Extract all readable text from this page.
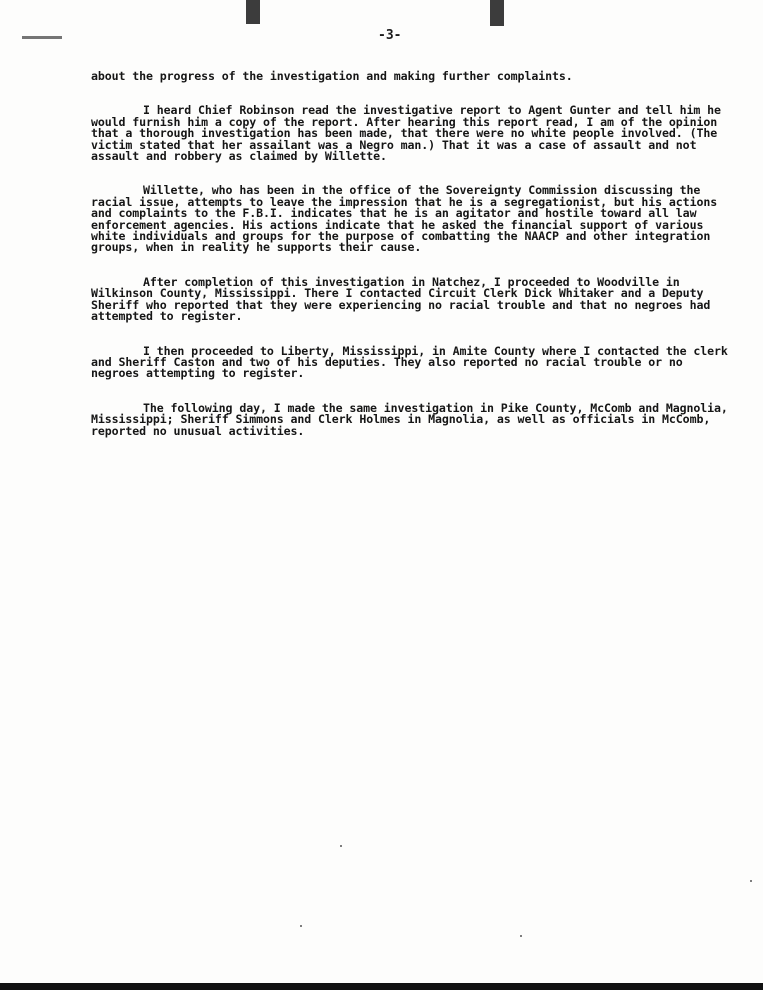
-3-

about the progress of the investigation and making further complaints.

I heard Chief Robinson read the investigative report to Agent Gunter and tell him he would furnish him a copy of the report. After hearing this report read, I am of the opinion that a thorough investigation has been made, that there were no white people involved. (The victim stated that her assailant was a Negro man.) That it was a case of assault and not assault and robbery as claimed by Willette.

Willette, who has been in the office of the Sovereignty Commission discussing the racial issue, attempts to leave the impression that he is a segregationist, but his actions and complaints to the F.B.I. indicates that he is an agitator and hostile toward all law enforcement agencies. His actions indicate that he asked the financial support of various white individuals and groups for the purpose of combatting the NAACP and other integration groups, when in reality he supports their cause.

After completion of this investigation in Natchez, I proceeded to Woodville in Wilkinson County, Mississippi. There I contacted Circuit Clerk Dick Whitaker and a Deputy Sheriff who reported that they were experiencing no racial trouble and that no negroes had attempted to register.

I then proceeded to Liberty, Mississippi, in Amite County where I contacted the clerk and Sheriff Caston and two of his deputies. They also reported no racial trouble or no negroes attempting to register.

The following day, I made the same investigation in Pike County, McComb and Magnolia, Mississippi; Sheriff Simmons and Clerk Holmes in Magnolia, as well as officials in McComb, reported no unusual activities.
